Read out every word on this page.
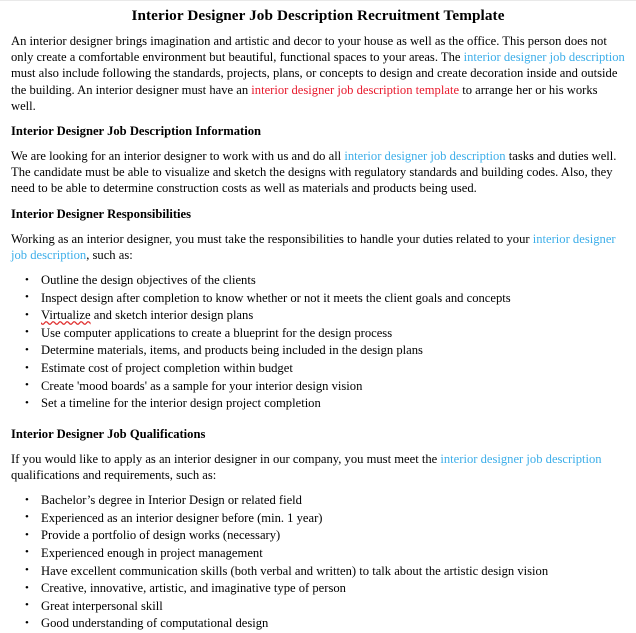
Interior Designer Job Description Recruitment Template

An interior designer brings imagination and artistic and decor to your house as well as the office. This person does not only create a comfortable environment but beautiful, functional spaces to your areas. The interior designer job description must also include following the standards, projects, plans, or concepts to design and create decoration inside and outside the building. An interior designer must have an interior designer job description template to arrange her or his works well.

Interior Designer Job Description Information

We are looking for an interior designer to work with us and do all interior designer job description tasks and duties well. The candidate must be able to visualize and sketch the designs with regulatory standards and building codes. Also, they need to be able to determine construction costs as well as materials and products being used.

Interior Designer Responsibilities

Working as an interior designer, you must take the responsibilities to handle your duties related to your interior designer job description, such as:

• Outline the design objectives of the clients
• Inspect design after completion to know whether or not it meets the client goals and concepts
• Virtualize and sketch interior design plans
• Use computer applications to create a blueprint for the design process
• Determine materials, items, and products being included in the design plans
• Estimate cost of project completion within budget
• Create 'mood boards' as a sample for your interior design vision
• Set a timeline for the interior design project completion
Interior Designer Job Qualifications

If you would like to apply as an interior designer in our company, you must meet the interior designer job description qualifications and requirements, such as:

• Bachelor’s degree in Interior Design or related field
• Experienced as an interior designer before (min. 1 year)
• Provide a portfolio of design works (necessary)
• Experienced enough in project management
• Have excellent communication skills (both verbal and written) to talk about the artistic design vision
• Creative, innovative, artistic, and imaginative type of person
• Great interpersonal skill
• Good understanding of computational design
